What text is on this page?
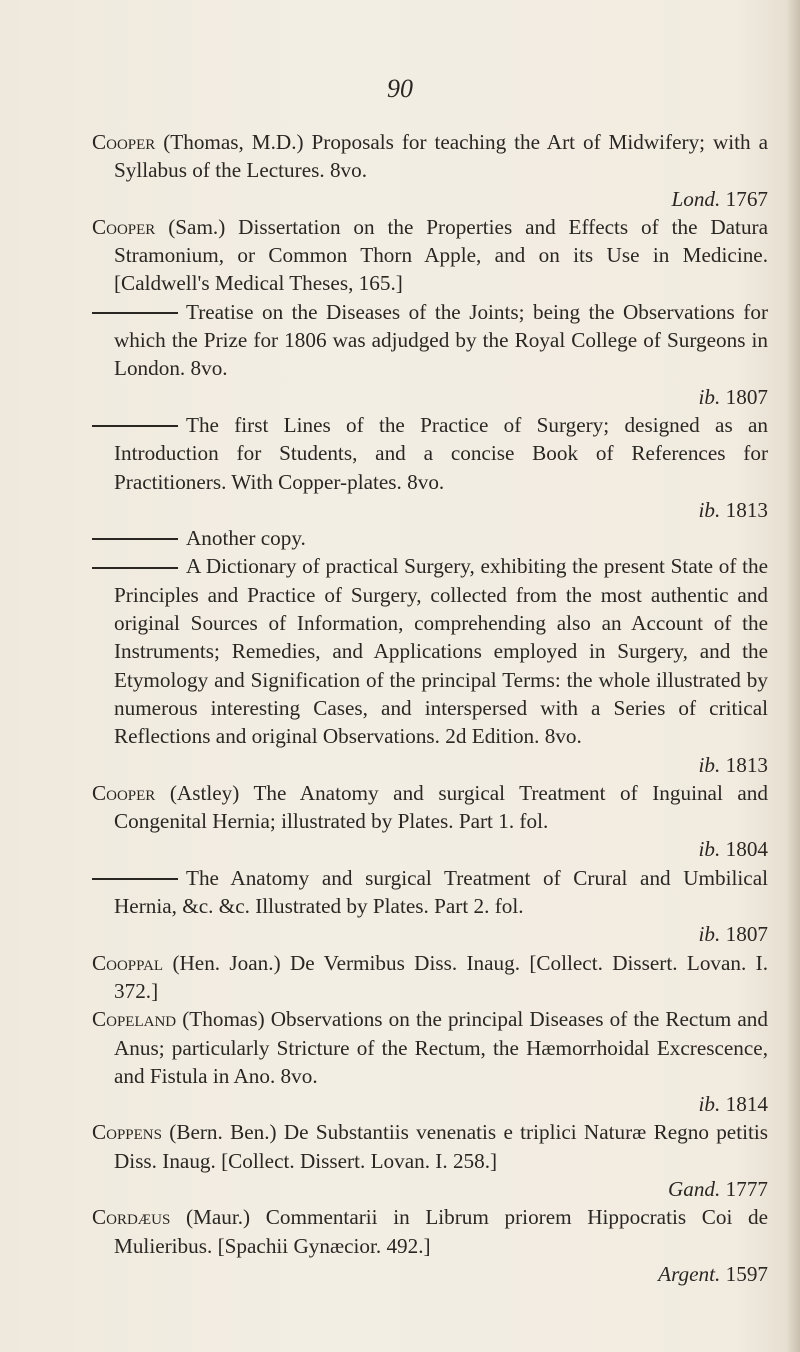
90
Cooper (Thomas, M.D.) Proposals for teaching the Art of Midwifery; with a Syllabus of the Lectures. 8vo.
Lond. 1767
Cooper (Sam.) Dissertation on the Properties and Effects of the Datura Stramonium, or Common Thorn Apple, and on its Use in Medicine. [Caldwell's Medical Theses, 165.]
Treatise on the Diseases of the Joints; being the Observations for which the Prize for 1806 was adjudged by the Royal College of Surgeons in London. 8vo.
ib. 1807
The first Lines of the Practice of Surgery; designed as an Introduction for Students, and a concise Book of References for Practitioners. With Copper-plates. 8vo.
ib. 1813
Another copy.
A Dictionary of practical Surgery, exhibiting the present State of the Principles and Practice of Surgery, collected from the most authentic and original Sources of Information, comprehending also an Account of the Instruments; Remedies, and Applications employed in Surgery, and the Etymology and Signification of the principal Terms: the whole illustrated by numerous interesting Cases, and interspersed with a Series of critical Reflections and original Observations. 2d Edition. 8vo.
ib. 1813
Cooper (Astley) The Anatomy and surgical Treatment of Inguinal and Congenital Hernia; illustrated by Plates. Part 1. fol.
ib. 1804
The Anatomy and surgical Treatment of Crural and Umbilical Hernia, &c. &c. Illustrated by Plates. Part 2. fol.
ib. 1807
Cooppal (Hen. Joan.) De Vermibus Diss. Inaug. [Collect. Dissert. Lovan. I. 372.]
Copeland (Thomas) Observations on the principal Diseases of the Rectum and Anus; particularly Stricture of the Rectum, the Hæmorrhoidal Excrescence, and Fistula in Ano. 8vo.
ib. 1814
Coppens (Bern. Ben.) De Substantiis venenatis e triplici Naturæ Regno petitis Diss. Inaug. [Collect. Dissert. Lovan. I. 258.]
Gand. 1777
Cordæus (Maur.) Commentarii in Librum priorem Hippocratis Coi de Mulieribus. [Spachii Gynæcior. 492.]
Argent. 1597
